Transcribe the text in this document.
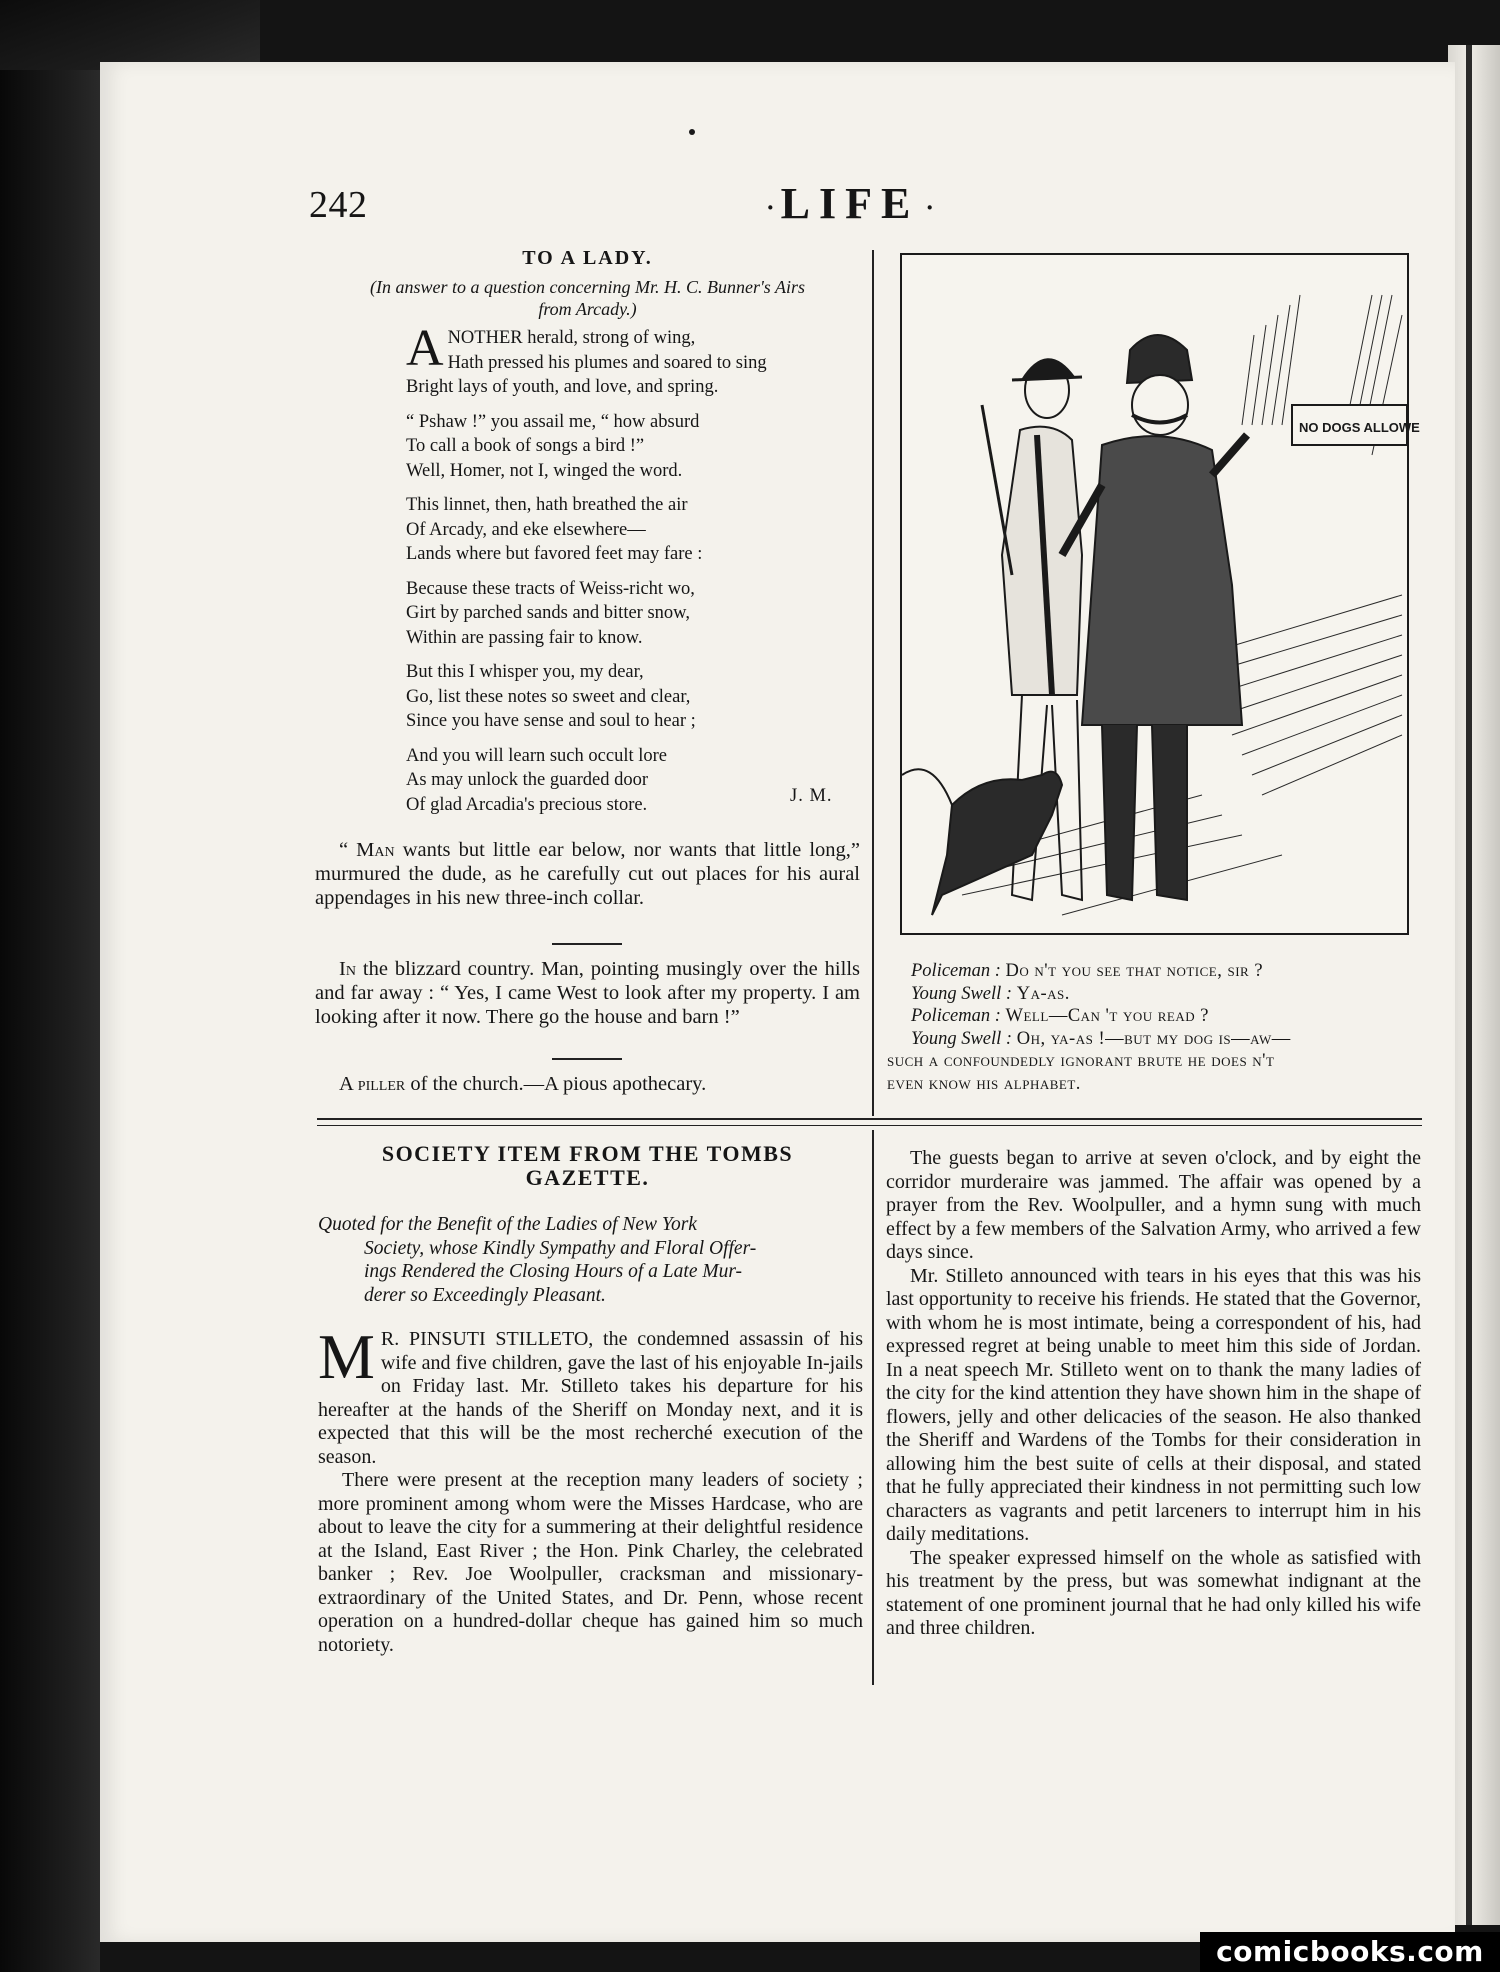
242	· LIFE ·
TO A LADY.
(In answer to a question concerning Mr. H. C. Bunner's Airs
from Arcady.)
A NOTHER herald, strong of wing,
Hath pressed his plumes and soared to sing
Bright lays of youth, and love, and spring.
“ Pshaw !” you assail me, “ how absurd
To call a book of songs a bird !”
Well, Homer, not I, winged the word.
This linnet, then, hath breathed the air
Of Arcady, and eke elsewhere—
Lands where but favored feet may fare :
Because these tracts of Weiss-richt wo,
Girt by parched sands and bitter snow,
Within are passing fair to know.
But this I whisper you, my dear,
Go, list these notes so sweet and clear,
Since you have sense and soul to hear ;
And you will learn such occult lore
As may unlock the guarded door
Of glad Arcadia's precious store.	J. M.
“ Man wants but little ear below, nor wants that little long,” murmured the dude, as he carefully cut out places for his aural appendages in his new three-inch collar.
In the blizzard country. Man, pointing musingly over the hills and far away : “ Yes, I came West to look after my property. I am looking after it now. There go the house and barn !”
A piller of the church.—A pious apothecary.
NO DOGS ALLOWE
Policeman : Do n't you see that notice, sir ?
Young Swell : Ya-as.
Policeman : Well—Can 't you read ?
Young Swell : Oh, ya-as !—but my dog is—aw—
such a confoundedly ignorant brute he does n't
even know his alphabet.
SOCIETY ITEM FROM THE TOMBS
GAZETTE.
Quoted for the Benefit of the Ladies of New York
Society, whose Kindly Sympathy and Floral Offer-
ings Rendered the Closing Hours of a Late Mur-
derer so Exceedingly Pleasant.

M R. PINSUTI STILLETO, the condemned assassin of his wife and five children, gave the last of his enjoyable In-jails on Friday last. Mr. Stilleto takes his departure for his hereafter at the hands of the Sheriff on Monday next, and it is expected that this will be the most recherché execution of the season.

There were present at the reception many leaders of society ; more prominent among whom were the Misses Hardcase, who are about to leave the city for a summering at their delightful residence at the Island, East River ; the Hon. Pink Charley, the celebrated banker ; Rev. Joe Woolpuller, cracksman and missionary-extraordinary of the United States, and Dr. Penn, whose recent operation on a hundred-dollar cheque has gained him so much notoriety.

The guests began to arrive at seven o'clock, and by eight the corridor murderaire was jammed. The affair was opened by a prayer from the Rev. Woolpuller, and a hymn sung with much effect by a few members of the Salvation Army, who arrived a few days since.

Mr. Stilleto announced with tears in his eyes that this was his last opportunity to receive his friends. He stated that the Governor, with whom he is most intimate, being a correspondent of his, had expressed regret at being unable to meet him this side of Jordan. In a neat speech Mr. Stilleto went on to thank the many ladies of the city for the kind attention they have shown him in the shape of flowers, jelly and other delicacies of the season. He also thanked the Sheriff and Wardens of the Tombs for their consideration in allowing him the best suite of cells at their disposal, and stated that he fully appreciated their kindness in not permitting such low characters as vagrants and petit larceners to interrupt him in his daily meditations.

The speaker expressed himself on the whole as satisfied with his treatment by the press, but was somewhat indignant at the statement of one prominent journal that he had only killed his wife and three children.

comicbooks.com
